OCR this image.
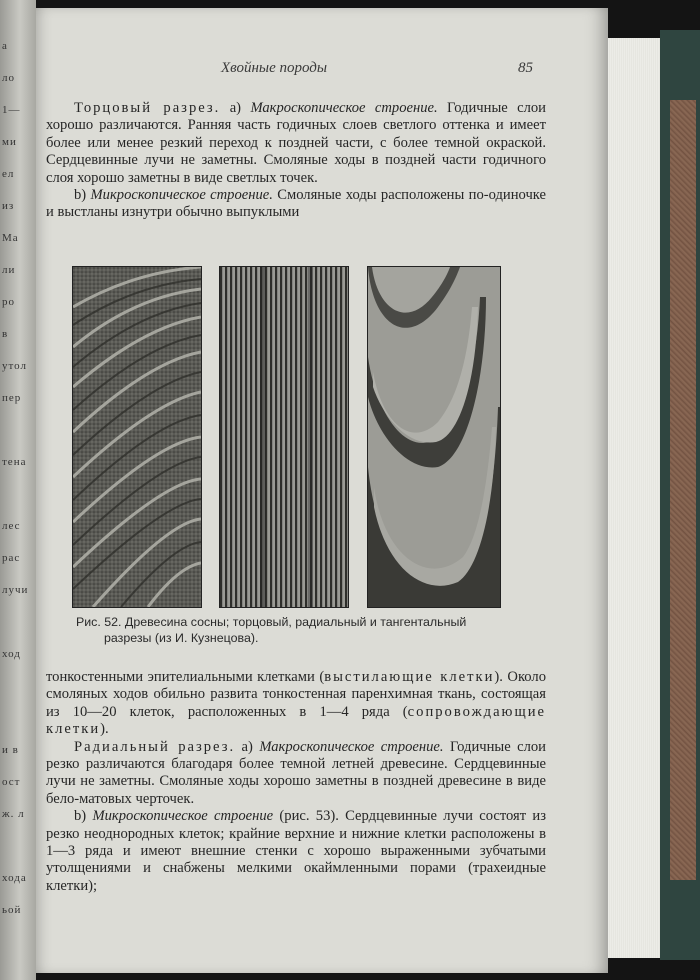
а
ло
1—
ми
ел
из
Ма
ли
ро
в
утол
пер
тена
лес
рас
лучи
ход
и в
ост
ж. л
хода
ьой
Хвойные породы	85

Торцовый разрез. а) Макроскопическое строение. Годичные слои хорошо различаются. Ранняя часть годичных слоев светлого оттенка и имеет более или менее резкий переход к поздней части, с более темной окраской. Сердцевинные лучи не заметны. Смоляные ходы в поздней части годичного слоя хорошо заметны в виде светлых точек.

b) Микроскопическое строение. Смоляные ходы расположены по-одиночке и выстланы изнутри обычно выпуклыми

Рис. 52. Древесина сосны; торцовый, радиальный и тангентальный
разрезы (из И. Кузнецова).

тонкостенными эпителиальными клетками (выстилающие клетки). Около смоляных ходов обильно развита тонкостенная паренхимная ткань, состоящая из 10—20 клеток, расположенных в 1—4 ряда (сопровождающие клетки).

Радиальный разрез. а) Макроскопическое строение. Годичные слои резко различаются благодаря более темной летней древесине. Сердцевинные лучи не заметны. Смоляные ходы хорошо заметны в поздней древесине в виде бело-матовых черточек.

b) Микроскопическое строение (рис. 53). Сердцевинные лучи состоят из резко неоднородных клеток; крайние верхние и нижние клетки расположены в 1—3 ряда и имеют внешние стенки с хорошо выраженными зубчатыми утолщениями и снабжены мелкими окаймленными порами (трахеидные клетки);
